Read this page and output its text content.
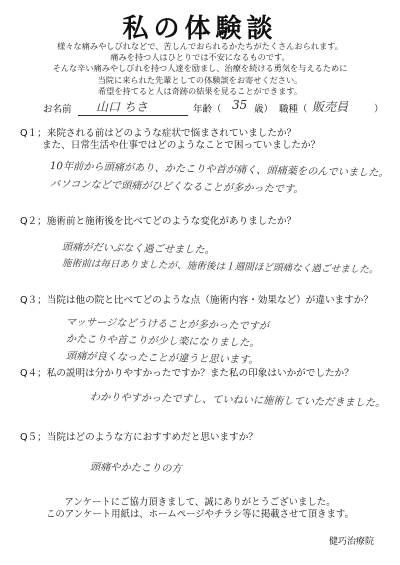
私の体験談
様々な痛みやしびれなどで、苦しんでおられるかたちがたくさんおられます。
痛みを持つ人はひとりでは不安になるものです。
そんな辛い痛みやしびれを持つ人達を励まし、治療を続ける勇気を与えるために
当院に来られた先輩としての体験談をお寄せください。
希望を持てると人は奇跡の結果を見ることができます。
お名前 山口 ちさ	年齢（ 35 歳） 職種（ 販売員	）
Q１；来院される前はどのような症状で悩まされていましたか？
また、日常生活や仕事ではどのようなことで困っていましたか？
10年前から頭痛があり、かたこりや首が痛く、頭痛薬をのんでいました。
パソコンなどで頭痛がひどくなることが多かったです。
Q２；施術前と施術後を比べてどのような変化がありましたか？
頭痛がだいぶなく過ごせました。
施術前は毎日ありましたが、施術後は１週間ほど頭痛なく過ごせました。
Q３；当院は他の院と比べてどのような点（施術内容・効果など）が違いますか？
マッサージなどうけることが多かったですが
かたこりや首こりが少し楽になりました。
頭痛が良くなったことが違うと思います。
Q４；私の説明は分かりやすかったですか？また私の印象はいかがでしたか？
わかりやすかったですし、ていねいに施術していただきました。
Q５；当院はどのような方におすすめだと思いますか？
頭痛やかたこりの方
アンケートにご協力頂きまして、誠にありがとうございました。
このアンケート用紙は、ホームページやチラシ等に掲載させて頂きます。
健巧治療院
